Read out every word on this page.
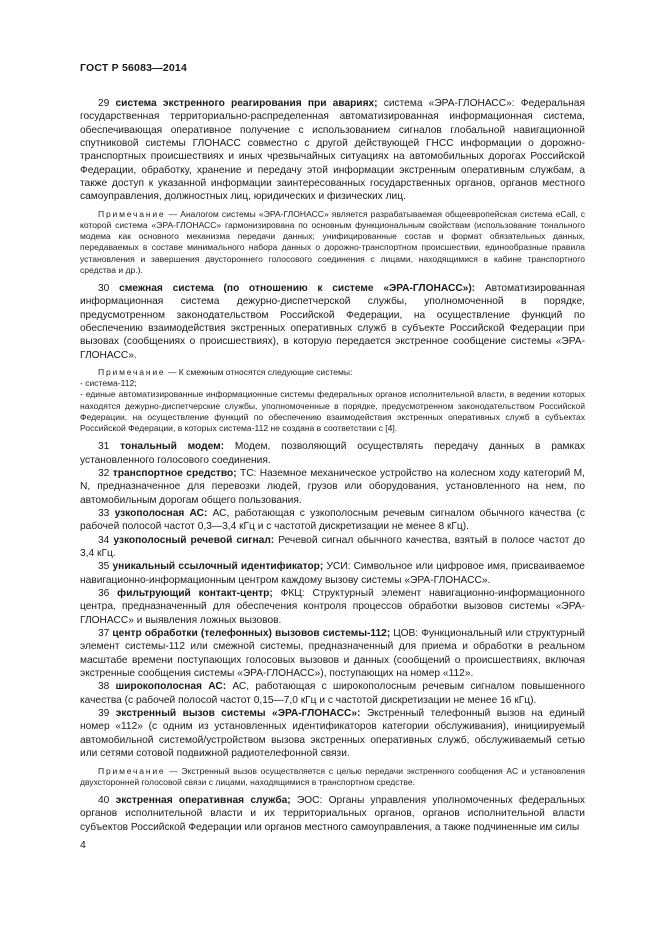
ГОСТ Р 56083—2014

29 система экстренного реагирования при авариях; система «ЭРА-ГЛОНАСС»: Федеральная государственная территориально-распределенная автоматизированная информационная система, обеспечивающая оперативное получение с использованием сигналов глобальной навигационной спутниковой системы ГЛОНАСС совместно с другой действующей ГНСС информации о дорожно-транспортных происшествиях и иных чрезвычайных ситуациях на автомобильных дорогах Российской Федерации, обработку, хранение и передачу этой информации экстренным оперативным службам, а также доступ к указанной информации заинтересованных государственных органов, органов местного самоуправления, должностных лиц, юридических и физических лиц.

Примечание — Аналогом системы «ЭРА-ГЛОНАСС» является разрабатываемая общеевропейская система eCall, с которой система «ЭРА-ГЛОНАСС» гармонизирована по основным функциональным свойствам (использование тонального модема как основного механизма передачи данных; унифицированные состав и формат обязательных данных, передаваемых в составе минимального набора данных о дорожно-транспортном происшествии, единообразные правила установления и завершения двустороннего голосового соединения с лицами, находящимися в кабине транспортного средства и др.).

30 смежная система (по отношению к системе «ЭРА-ГЛОНАСС»): Автоматизированная информационная система дежурно-диспетчерской службы, уполномоченной в порядке, предусмотренном законодательством Российской Федерации, на осуществление функций по обеспечению взаимодействия экстренных оперативных служб в субъекте Российской Федерации при вызовах (сообщениях о происшествиях), в которую передается экстренное сообщение системы «ЭРА-ГЛОНАСС».

Примечание — К смежным относятся следующие системы:
- система-112;
- единые автоматизированные информационные системы федеральных органов исполнительной власти, в ведении которых находятся дежурно-диспетчерские службы, уполномоченные в порядке, предусмотренном законодательством Российской Федерации, на осуществление функций по обеспечению взаимодействия экстренных оперативных служб в субъектах Российской Федерации, в которых система-112 не создана в соответствии с [4].

31 тональный модем: Модем, позволяющий осуществлять передачу данных в рамках установленного голосового соединения.

32 транспортное средство; ТС: Наземное механическое устройство на колесном ходу категорий M, N, предназначенное для перевозки людей, грузов или оборудования, установленного на нем, по автомобильным дорогам общего пользования.

33 узкополосная АС: АС, работающая с узкополосным речевым сигналом обычного качества (с рабочей полосой частот 0,3—3,4 кГц и с частотой дискретизации не менее 8 кГц).

34 узкополосный речевой сигнал: Речевой сигнал обычного качества, взятый в полосе частот до 3,4 кГц.

35 уникальный ссылочный идентификатор; УСИ: Символьное или цифровое имя, присваиваемое навигационно-информационным центром каждому вызову системы «ЭРА-ГЛОНАСС».

36 фильтрующий контакт-центр; ФКЦ: Структурный элемент навигационно-информационного центра, предназначенный для обеспечения контроля процессов обработки вызовов системы «ЭРА-ГЛОНАСС» и выявления ложных вызовов.

37 центр обработки (телефонных) вызовов системы-112; ЦОВ: Функциональный или структурный элемент системы-112 или смежной системы, предназначенный для приема и обработки в реальном масштабе времени поступающих голосовых вызовов и данных (сообщений о происшествиях, включая экстренные сообщения системы «ЭРА-ГЛОНАСС»), поступающих на номер «112».

38 широкополосная АС: АС, работающая с широкополосным речевым сигналом повышенного качества (с рабочей полосой частот 0,15—7,0 кГц и с частотой дискретизации не менее 16 кГц).

39 экстренный вызов системы «ЭРА-ГЛОНАСС»: Экстренный телефонный вызов на единый номер «112» (с одним из установленных идентификаторов категории обслуживания), инициируемый автомобильной системой/устройством вызова экстренных оперативных служб, обслуживаемый сетью или сетями сотовой подвижной радиотелефонной связи.

Примечание — Экстренный вызов осуществляется с целью передачи экстренного сообщения АС и установления двухсторонней голосовой связи с лицами, находящимися в транспортном средстве.

40 экстренная оперативная служба; ЭОС: Органы управления уполномоченных федеральных органов исполнительной власти и их территориальных органов, органов исполнительной власти субъектов Российской Федерации или органов местного самоуправления, а также подчиненные им силы

4
